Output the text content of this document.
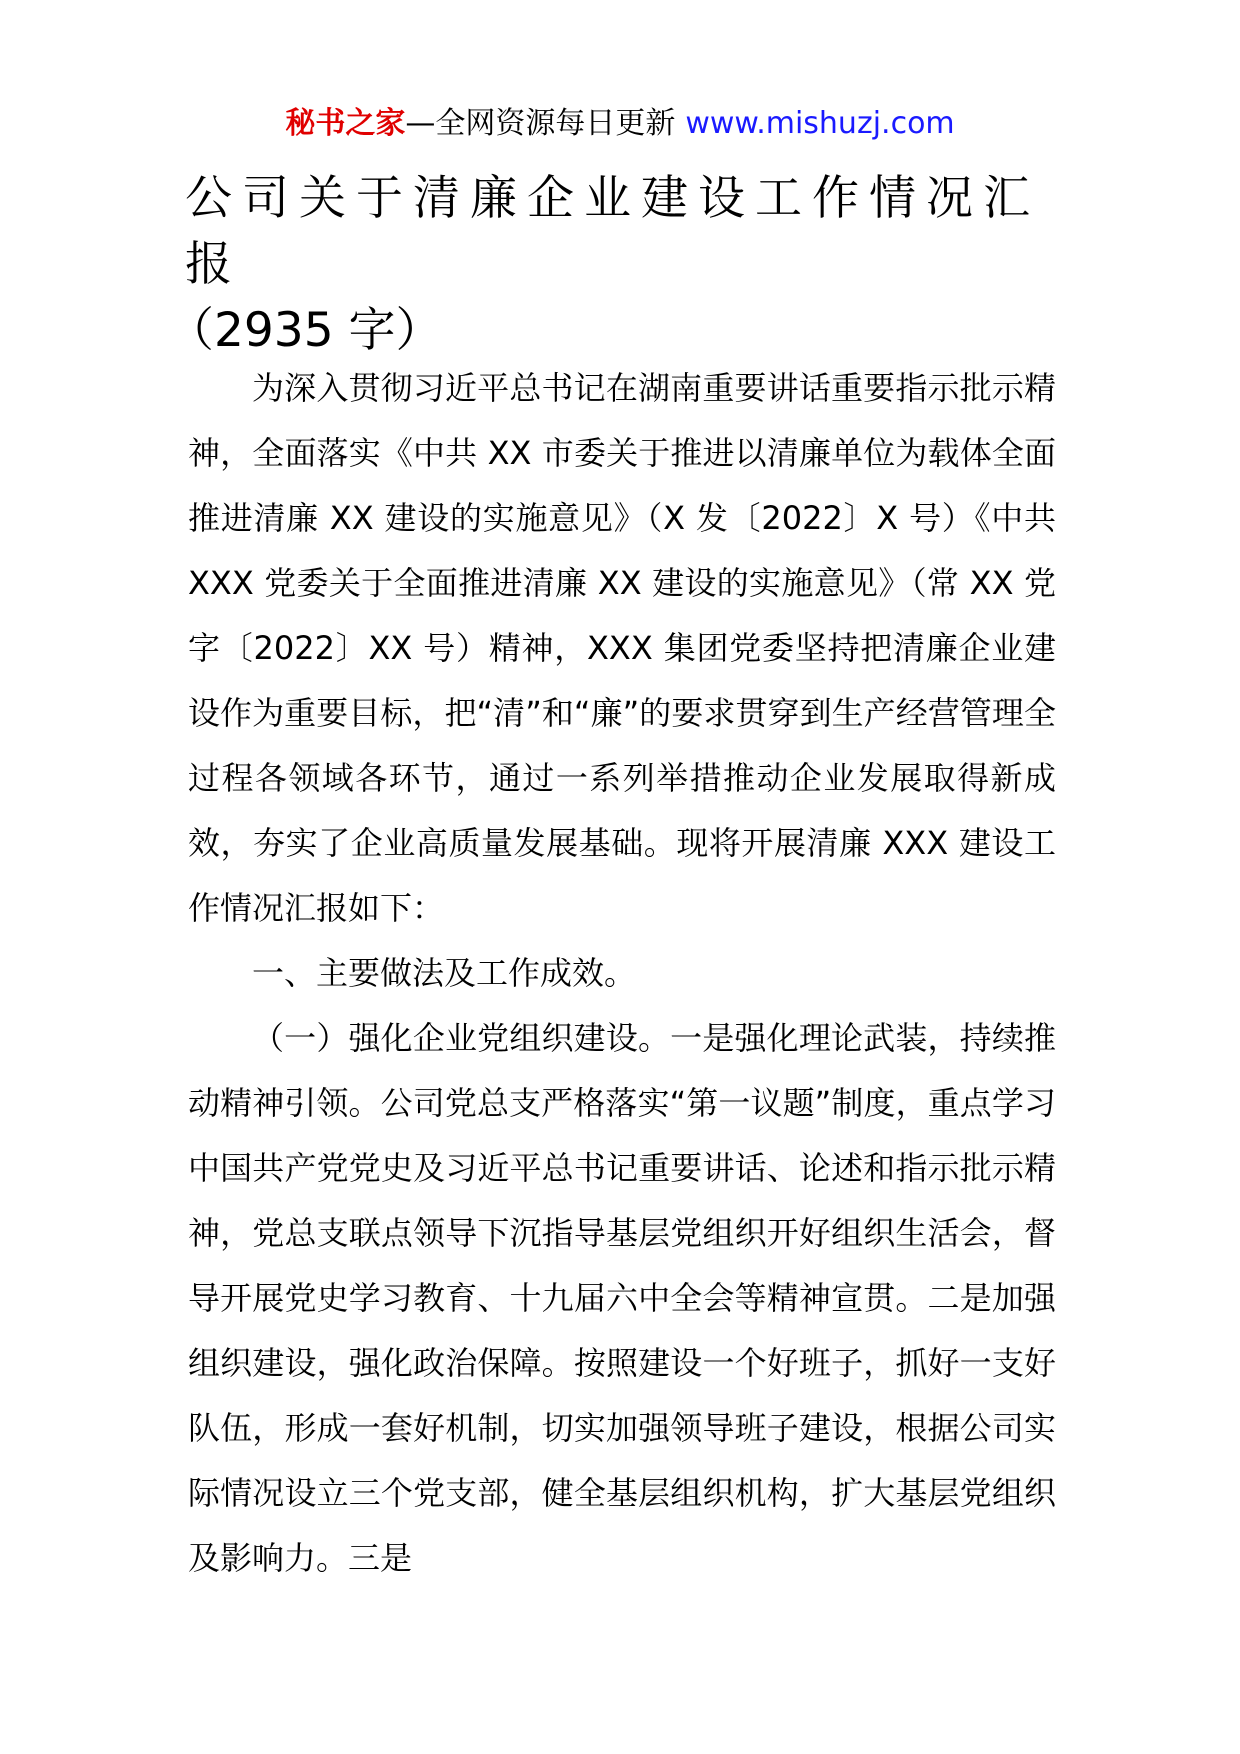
秘书之家—全网资源每日更新 www.mishuzj.com
公司关于清廉企业建设工作情况汇报
（2935 字）

为深入贯彻习近平总书记在湖南重要讲话重要指示批示精神，全面落实《中共 XX 市委关于推进以清廉单位为载体全面推进清廉 XX 建设的实施意见》（X 发〔2022〕X 号）《中共 XXX 党委关于全面推进清廉 XX 建设的实施意见》（常 XX 党字〔2022〕XX 号）精神，XXX 集团党委坚持把清廉企业建设作为重要目标，把“清”和“廉”的要求贯穿到生产经营管理全过程各领域各环节，通过一系列举措推动企业发展取得新成效，夯实了企业高质量发展基础。现将开展清廉 XXX 建设工作情况汇报如下：

一、主要做法及工作成效。

（一）强化企业党组织建设。一是强化理论武装，持续推动精神引领。公司党总支严格落实“第一议题”制度，重点学习中国共产党党史及习近平总书记重要讲话、论述和指示批示精神，党总支联点领导下沉指导基层党组织开好组织生活会，督导开展党史学习教育、十九届六中全会等精神宣贯。二是加强组织建设，强化政治保障。按照建设一个好班子，抓好一支好队伍，形成一套好机制，切实加强领导班子建设，根据公司实际情况设立三个党支部，健全基层组织机构，扩大基层党组织及影响力。三是
